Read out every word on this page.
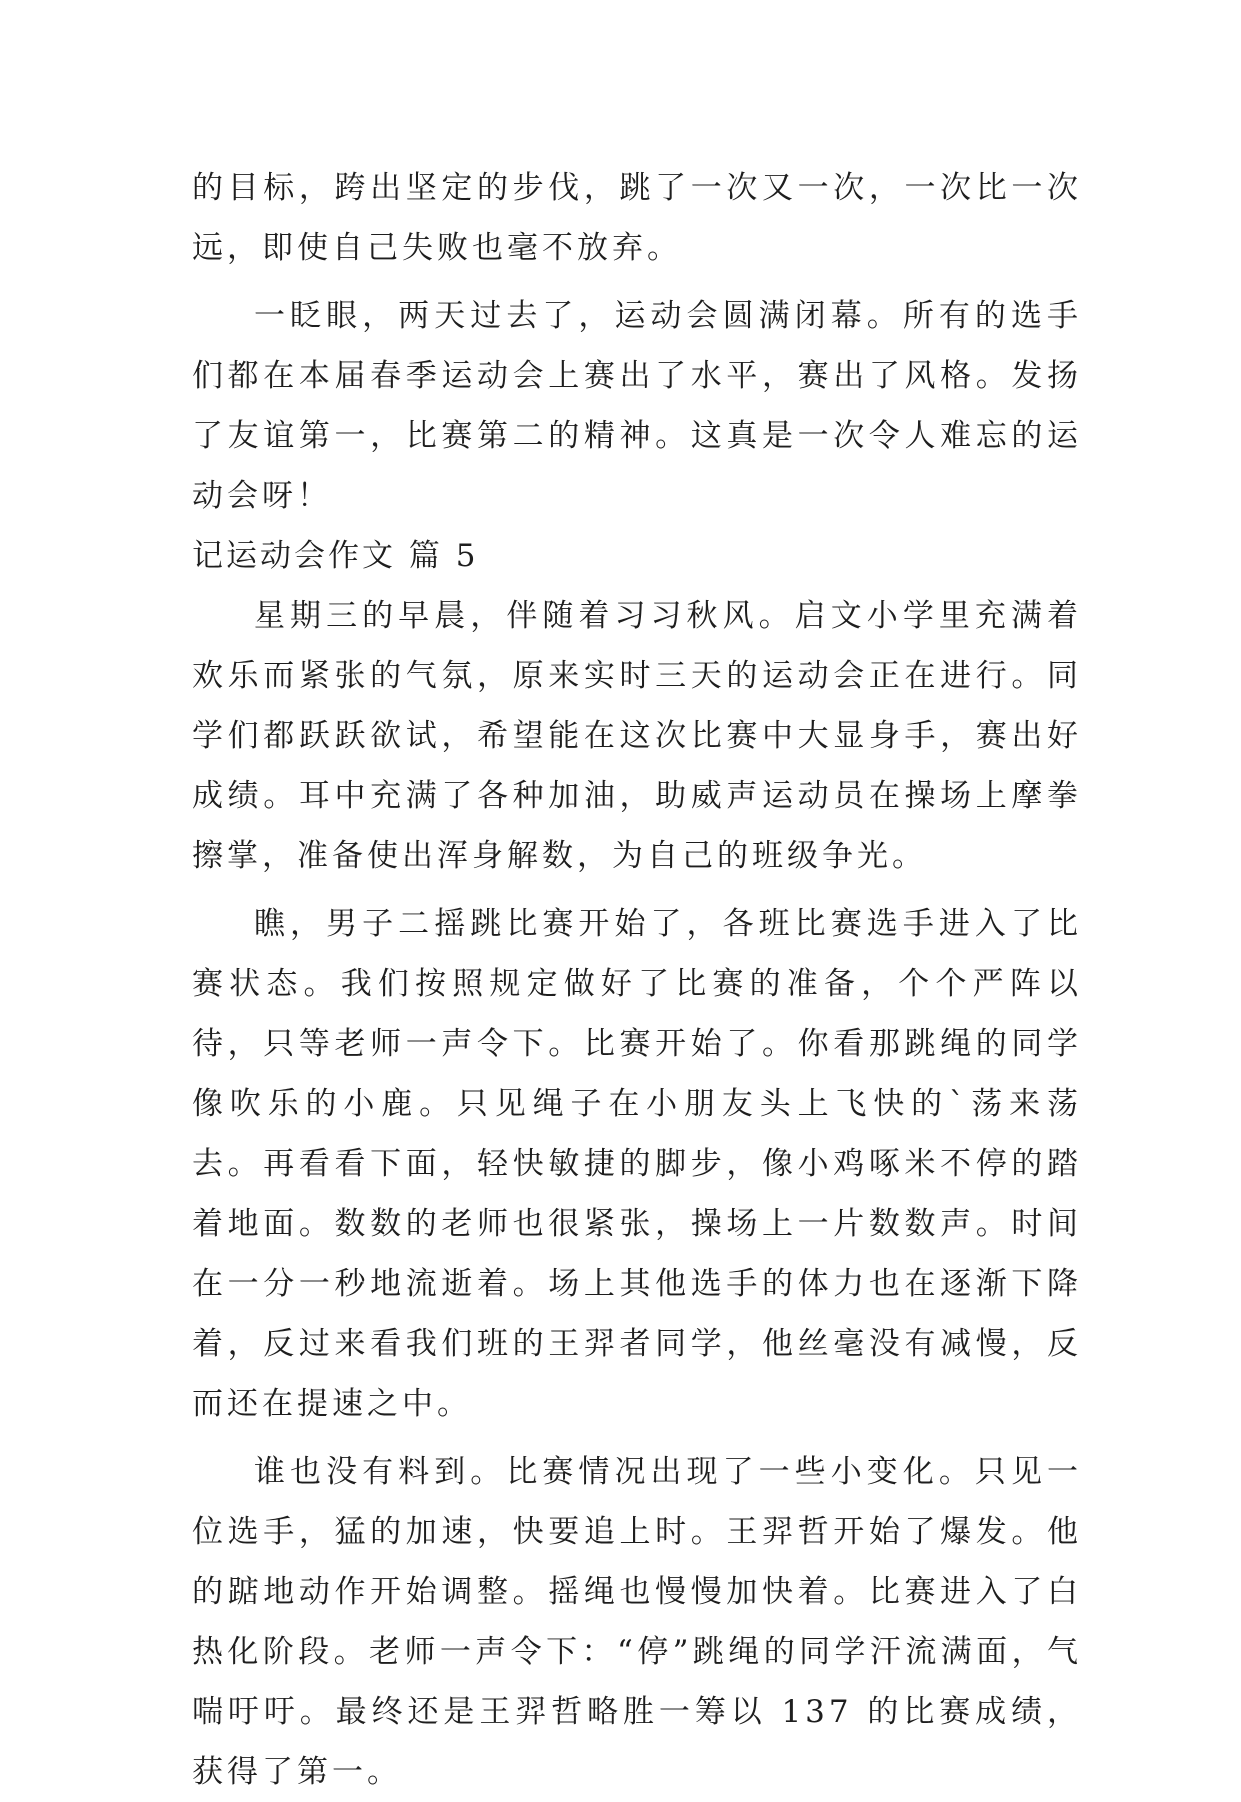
的目标，跨出坚定的步伐，跳了一次又一次，一次比一次远，即使自己失败也毫不放弃。

一眨眼，两天过去了，运动会圆满闭幕。所有的选手们都在本届春季运动会上赛出了水平，赛出了风格。发扬了友谊第一，比赛第二的精神。这真是一次令人难忘的运动会呀！

记运动会作文 篇 5

星期三的早晨，伴随着习习秋风。启文小学里充满着欢乐而紧张的气氛，原来实时三天的运动会正在进行。同学们都跃跃欲试，希望能在这次比赛中大显身手，赛出好成绩。耳中充满了各种加油，助威声运动员在操场上摩拳擦掌，准备使出浑身解数，为自己的班级争光。

瞧，男子二摇跳比赛开始了，各班比赛选手进入了比赛状态。我们按照规定做好了比赛的准备，个个严阵以待，只等老师一声令下。比赛开始了。你看那跳绳的同学像吹乐的小鹿。只见绳子在小朋友头上飞快的`荡来荡去。再看看下面，轻快敏捷的脚步，像小鸡啄米不停的踏着地面。数数的老师也很紧张，操场上一片数数声。时间在一分一秒地流逝着。场上其他选手的体力也在逐渐下降着，反过来看我们班的王羿者同学，他丝毫没有减慢，反而还在提速之中。

谁也没有料到。比赛情况出现了一些小变化。只见一位选手，猛的加速，快要追上时。王羿哲开始了爆发。他的踮地动作开始调整。摇绳也慢慢加快着。比赛进入了白热化阶段。老师一声令下：“停”跳绳的同学汗流满面，气喘吁吁。最终还是王羿哲略胜一筹以 137 的比赛成绩，获得了第一。
